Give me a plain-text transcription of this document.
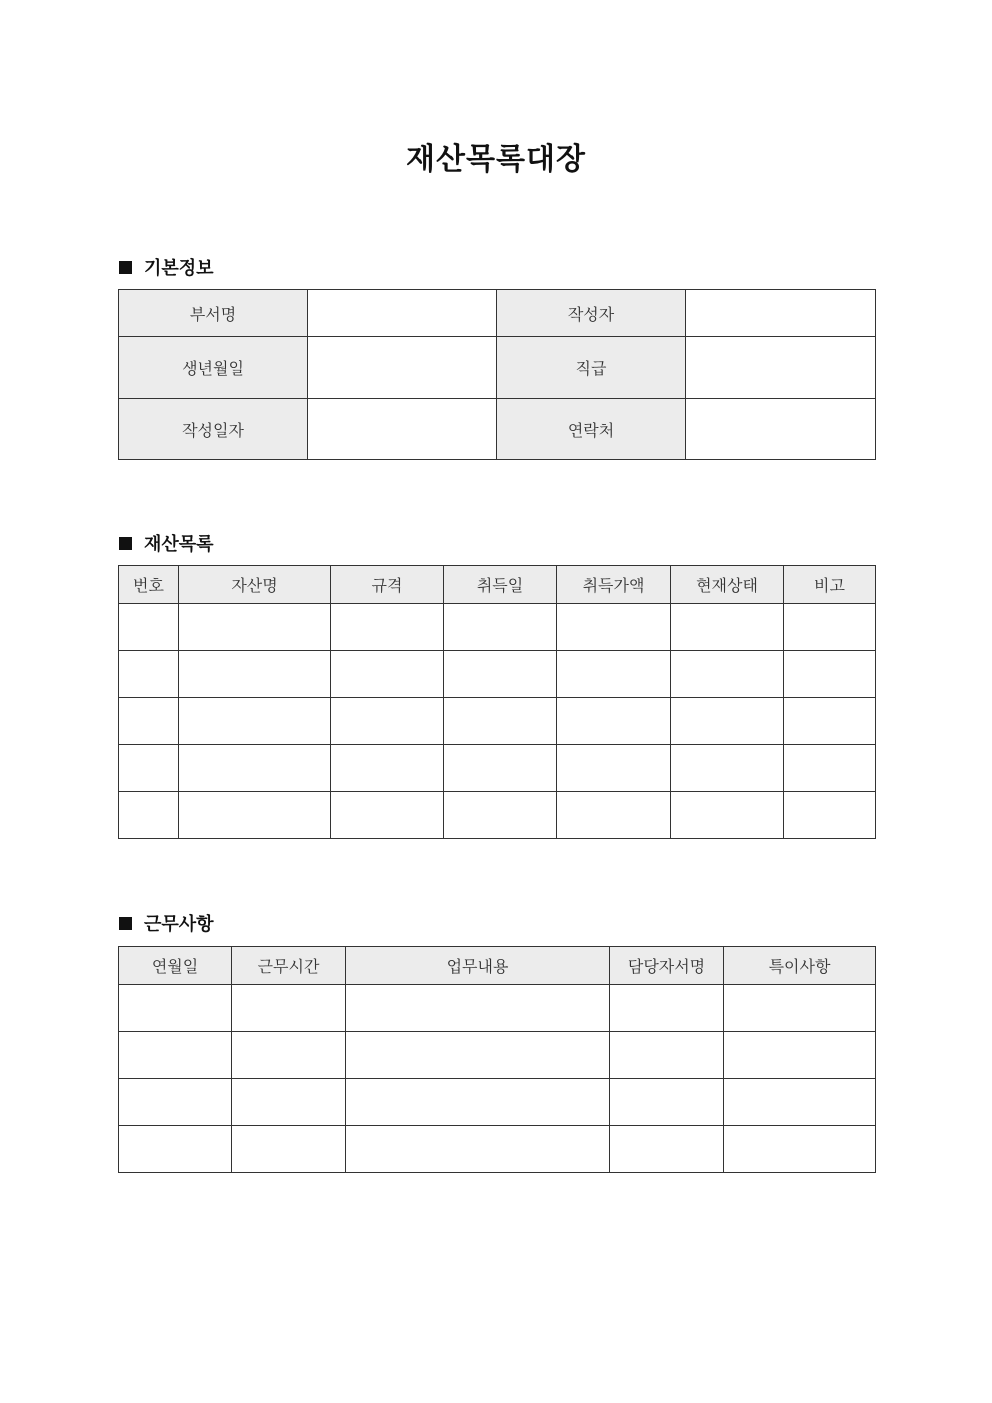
재산목록대장
기본정보
부서명		작성자	
생년월일		직급	
작성일자		연락처	
재산목록
번호	자산명	규격	취득일	취득가액	현재상태	비고

근무사항
연월일	근무시간	업무내용	담당자서명	특이사항
